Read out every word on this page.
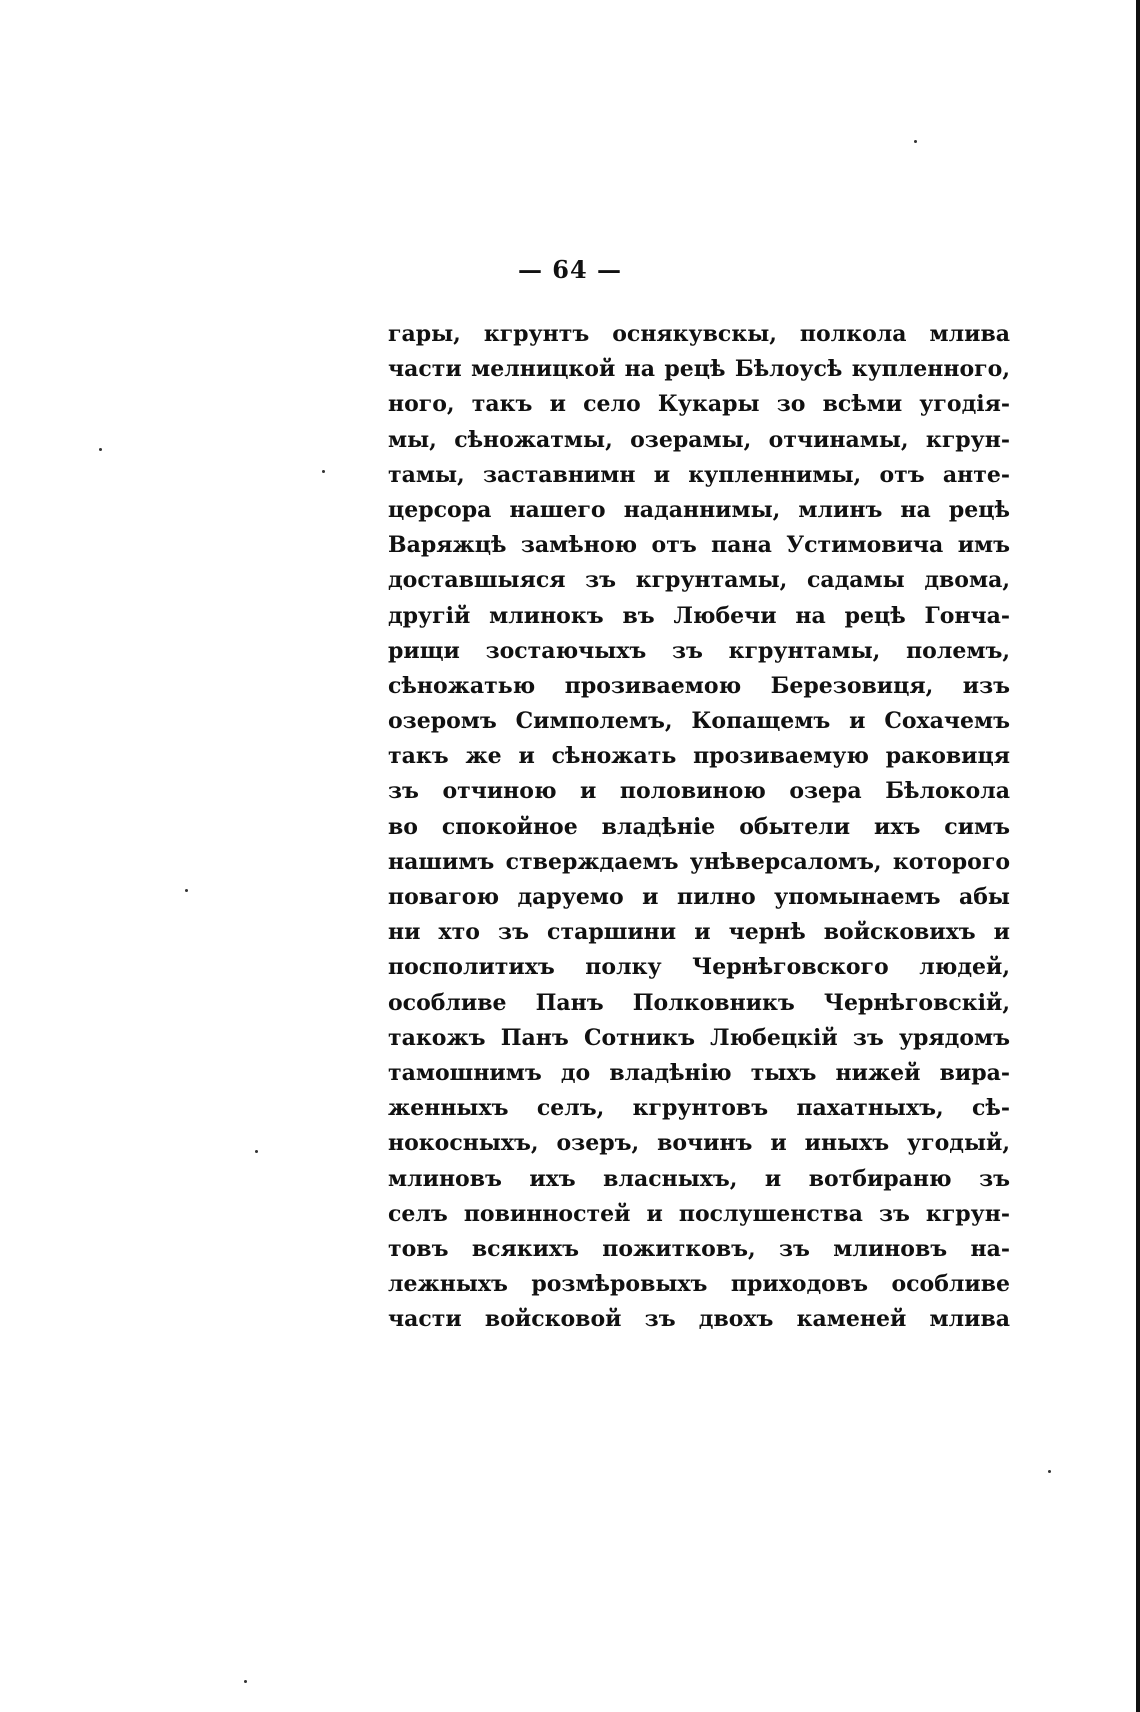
— 64 —
гары, кгрунтъ оснякувскы, полкола млива
части мелницкой на рецѣ Бѣлоусѣ купленного,
ного, такъ и село Кукары зо всѣми угодія-
мы, сѣножатмы, озерамы, отчинамы, кгрун-
тамы, заставнимн и купленнимы, отъ анте-
церсора нашего наданнимы, млинъ на рецѣ
Варяжцѣ замѣною отъ пана Устимовича имъ
доставшыяся зъ кгрунтамы, садамы двома,
другій млинокъ въ Любечи на рецѣ Гонча-
рищи зостаючыхъ зъ кгрунтамы, полемъ,
сѣножатью прозиваемою Березовиця, изъ
озеромъ Симполемъ, Копащемъ и Сохачемъ
такъ же и сѣножать прозиваемую раковиця
зъ отчиною и половиною озера Бѣлокола
во спокойное владѣніе обытели ихъ симъ
нашимъ стверждаемъ унѣверсаломъ, которого
повагою даруемо и пилно упомынаемъ абы
ни хто зъ старшини и чернѣ войсковихъ и
посполитихъ полку Чернѣговского людей,
особливе Панъ Полковникъ Чернѣговскій,
такожъ Панъ Сотникъ Любецкій зъ урядомъ
тамошнимъ до владѣнію тыхъ нижей вира-
женныхъ селъ, кгрунтовъ пахатныхъ, сѣ-
нокосныхъ, озеръ, вочинъ и иныхъ угодый,
млиновъ ихъ власныхъ, и вотбираню зъ
селъ повинностей и послушенства зъ кгрун-
товъ всякихъ пожитковъ, зъ млиновъ на-
лежныхъ розмѣровыхъ приходовъ особливе
части войсковой зъ двохъ каменей млива
